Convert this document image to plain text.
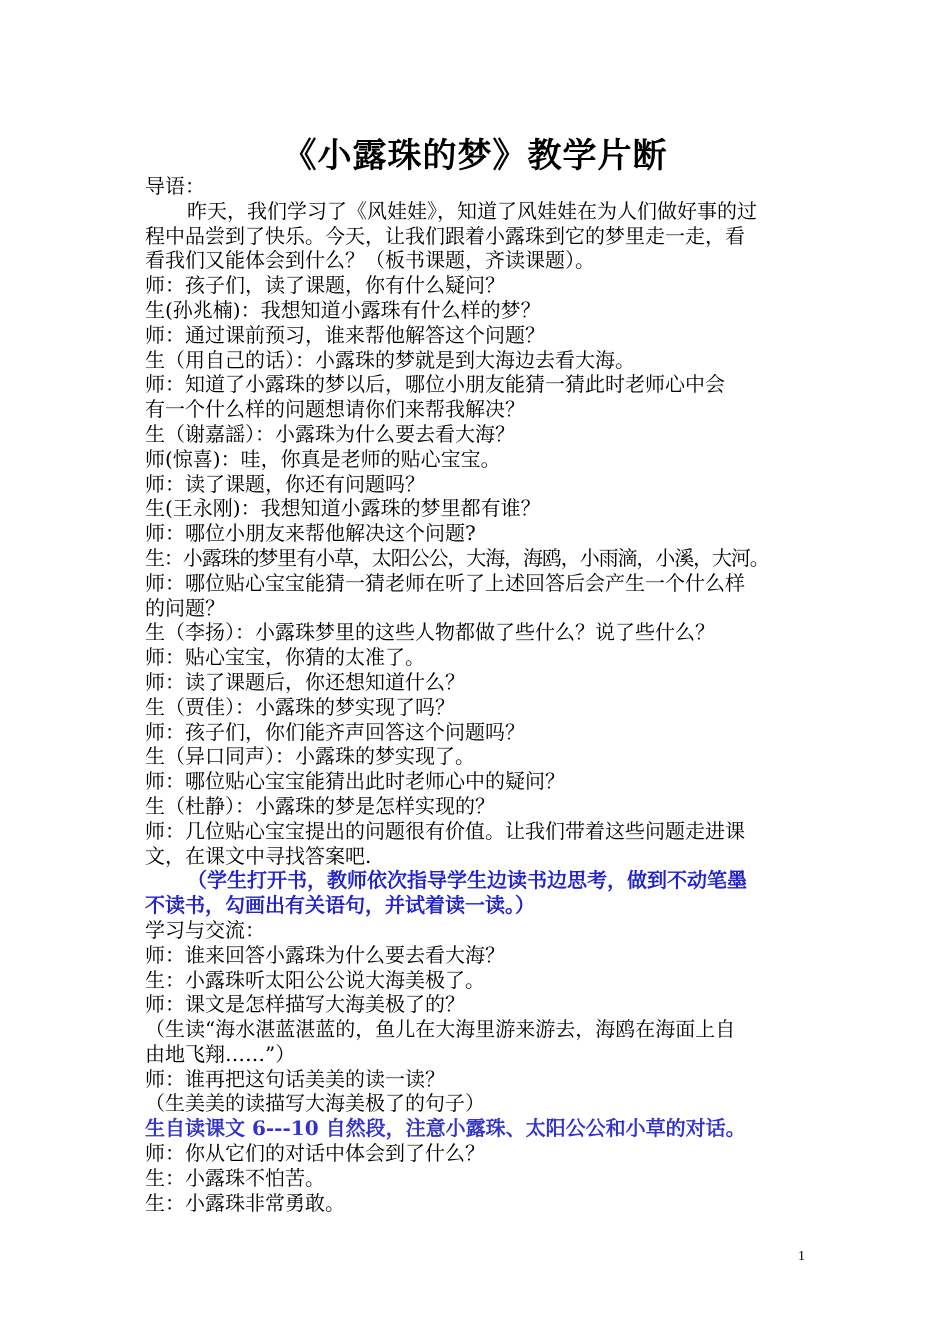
《小露珠的梦》教学片断
导语：
昨天，我们学习了《风娃娃》，知道了风娃娃在为人们做好事的过
程中品尝到了快乐。今天，让我们跟着小露珠到它的梦里走一走，看
看我们又能体会到什么？（板书课题，齐读课题）。
师：孩子们，读了课题，你有什么疑问？
生(孙兆楠)：我想知道小露珠有什么样的梦？
师：通过课前预习，谁来帮他解答这个问题？
生（用自己的话）：小露珠的梦就是到大海边去看大海。
师：知道了小露珠的梦以后，哪位小朋友能猜一猜此时老师心中会
有一个什么样的问题想请你们来帮我解决？
生（谢嘉謡）：小露珠为什么要去看大海？
师(惊喜)：哇，你真是老师的贴心宝宝。
师：读了课题，你还有问题吗？
生(王永刚)：我想知道小露珠的梦里都有谁？
师：哪位小朋友来帮他解决这个问题?
生：小露珠的梦里有小草，太阳公公，大海，海鸥，小雨滴，小溪，大河。
师：哪位贴心宝宝能猜一猜老师在听了上述回答后会产生一个什么样
的问题？
生（李扬）：小露珠梦里的这些人物都做了些什么？说了些什么？
师：贴心宝宝，你猜的太准了。
师：读了课题后，你还想知道什么？
生（贾佳）：小露珠的梦实现了吗？
师：孩子们，你们能齐声回答这个问题吗？
生（异口同声）：小露珠的梦实现了。
师：哪位贴心宝宝能猜出此时老师心中的疑问？
生（杜静）：小露珠的梦是怎样实现的？
师：几位贴心宝宝提出的问题很有价值。让我们带着这些问题走进课
文，在课文中寻找答案吧.
（学生打开书，教师依次指导学生边读书边思考，做到不动笔墨
不读书，勾画出有关语句，并试着读一读。）
学习与交流：
师：谁来回答小露珠为什么要去看大海？
生：小露珠听太阳公公说大海美极了。
师：课文是怎样描写大海美极了的？
（生读“海水湛蓝湛蓝的，鱼儿在大海里游来游去，海鸥在海面上自
由地飞翔……”）
师：谁再把这句话美美的读一读？
（生美美的读描写大海美极了的句子）
生自读课文 6---10 自然段，注意小露珠、太阳公公和小草的对话。
师：你从它们的对话中体会到了什么？
生：小露珠不怕苦。
生：小露珠非常勇敢。
1
